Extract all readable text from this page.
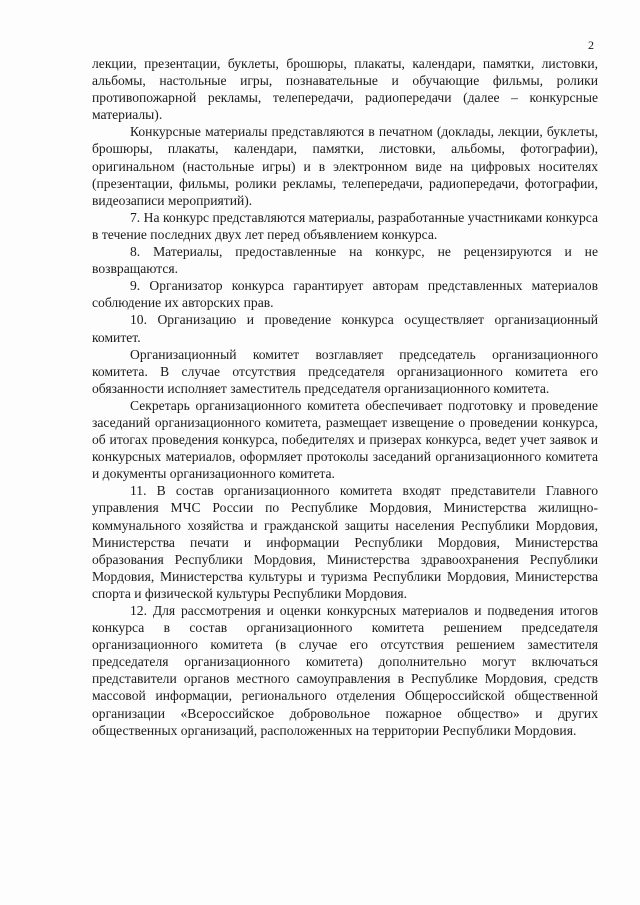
2

лекции, презентации, буклеты, брошюры, плакаты, календари, памятки, листовки, альбомы, настольные игры, познавательные и обучающие фильмы, ролики противопожарной рекламы, телепередачи, радиопередачи (далее – конкурсные материалы).

Конкурсные материалы представляются в печатном (доклады, лекции, буклеты, брошюры, плакаты, календари, памятки, листовки, альбомы, фотографии), оригинальном (настольные игры) и в электронном виде на цифровых носителях (презентации, фильмы, ролики рекламы, телепередачи, радиопередачи, фотографии, видеозаписи мероприятий).

7. На конкурс представляются материалы, разработанные участниками конкурса в течение последних двух лет перед объявлением конкурса.

8. Материалы, предоставленные на конкурс, не рецензируются и не возвращаются.

9. Организатор конкурса гарантирует авторам представленных материалов соблюдение их авторских прав.

10. Организацию и проведение конкурса осуществляет организационный комитет.

Организационный комитет возглавляет председатель организационного комитета. В случае отсутствия председателя организационного комитета его обязанности исполняет заместитель председателя организационного комитета.

Секретарь организационного комитета обеспечивает подготовку и проведение заседаний организационного комитета, размещает извещение о проведении конкурса, об итогах проведения конкурса, победителях и призерах конкурса, ведет учет заявок и конкурсных материалов, оформляет протоколы заседаний организационного комитета и документы организационного комитета.

11. В состав организационного комитета входят представители Главного управления МЧС России по Республике Мордовия, Министерства жилищно-коммунального хозяйства и гражданской защиты населения Республики Мордовия, Министерства печати и информации Республики Мордовия, Министерства образования Республики Мордовия, Министерства здравоохранения Республики Мордовия, Министерства культуры и туризма Республики Мордовия, Министерства спорта и физической культуры Республики Мордовия.

12. Для рассмотрения и оценки конкурсных материалов и подведения итогов конкурса в состав организационного комитета решением председателя организационного комитета (в случае его отсутствия решением заместителя председателя организационного комитета) дополнительно могут включаться представители органов местного самоуправления в Республике Мордовия, средств массовой информации, регионального отделения Общероссийской общественной организации «Всероссийское добровольное пожарное общество» и других общественных организаций, расположенных на территории Республики Мордовия.
